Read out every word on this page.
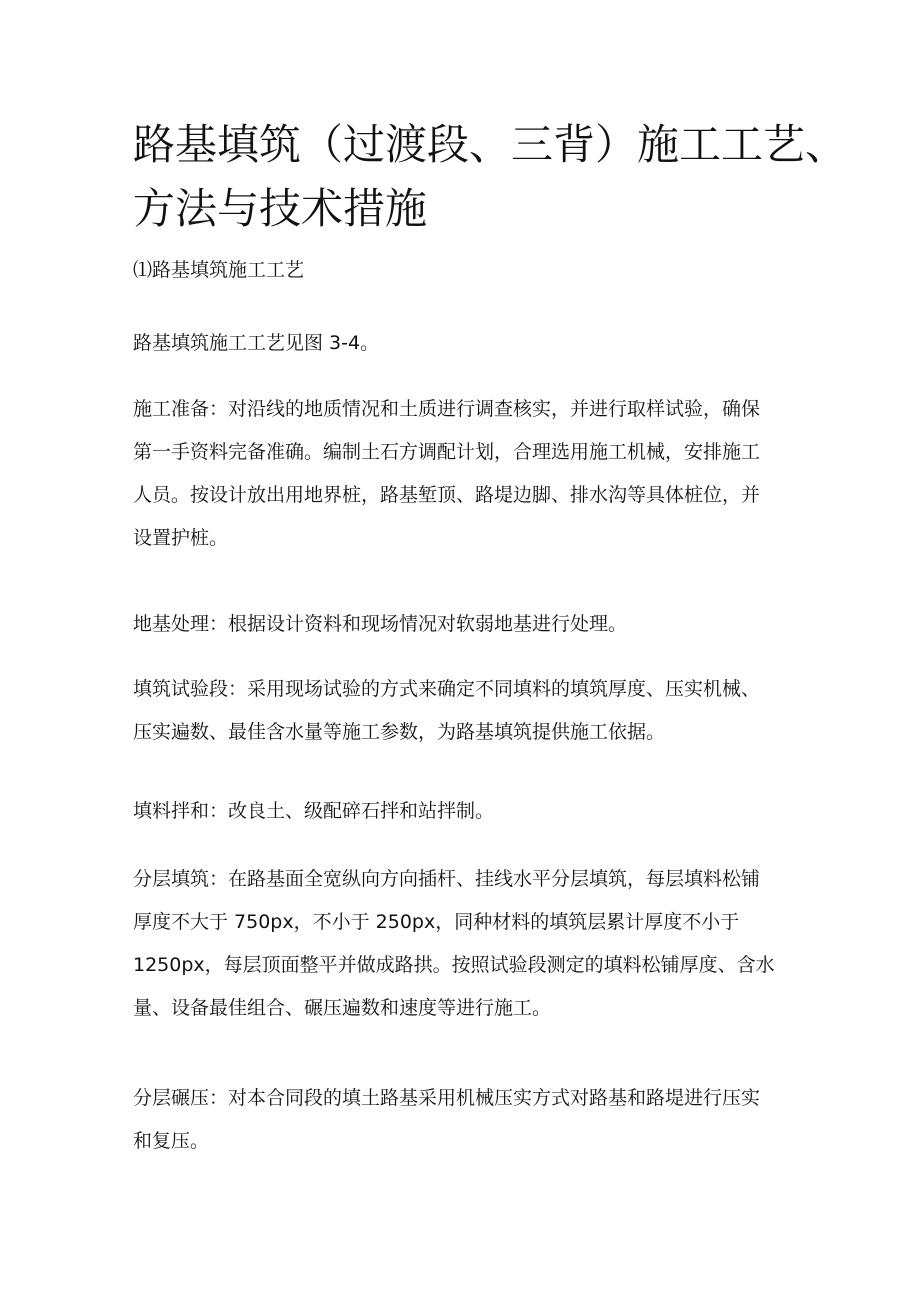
路基填筑（过渡段、三背）施工工艺、
方法与技术措施
⑴路基填筑施工工艺

路基填筑施工工艺见图 3-4。

施工准备：对沿线的地质情况和土质进行调查核实，并进行取样试验，确保
第一手资料完备准确。编制土石方调配计划，合理选用施工机械，安排施工
人员。按设计放出用地界桩，路基堑顶、路堤边脚、排水沟等具体桩位，并
设置护桩。

地基处理：根据设计资料和现场情况对软弱地基进行处理。

填筑试验段：采用现场试验的方式来确定不同填料的填筑厚度、压实机械、
压实遍数、最佳含水量等施工参数，为路基填筑提供施工依据。

填料拌和：改良土、级配碎石拌和站拌制。

分层填筑：在路基面全宽纵向方向插杆、挂线水平分层填筑，每层填料松铺
厚度不大于 750px，不小于 250px，同种材料的填筑层累计厚度不小于
1250px，每层顶面整平并做成路拱。按照试验段测定的填料松铺厚度、含水
量、设备最佳组合、碾压遍数和速度等进行施工。

分层碾压：对本合同段的填土路基采用机械压实方式对路基和路堤进行压实
和复压。
